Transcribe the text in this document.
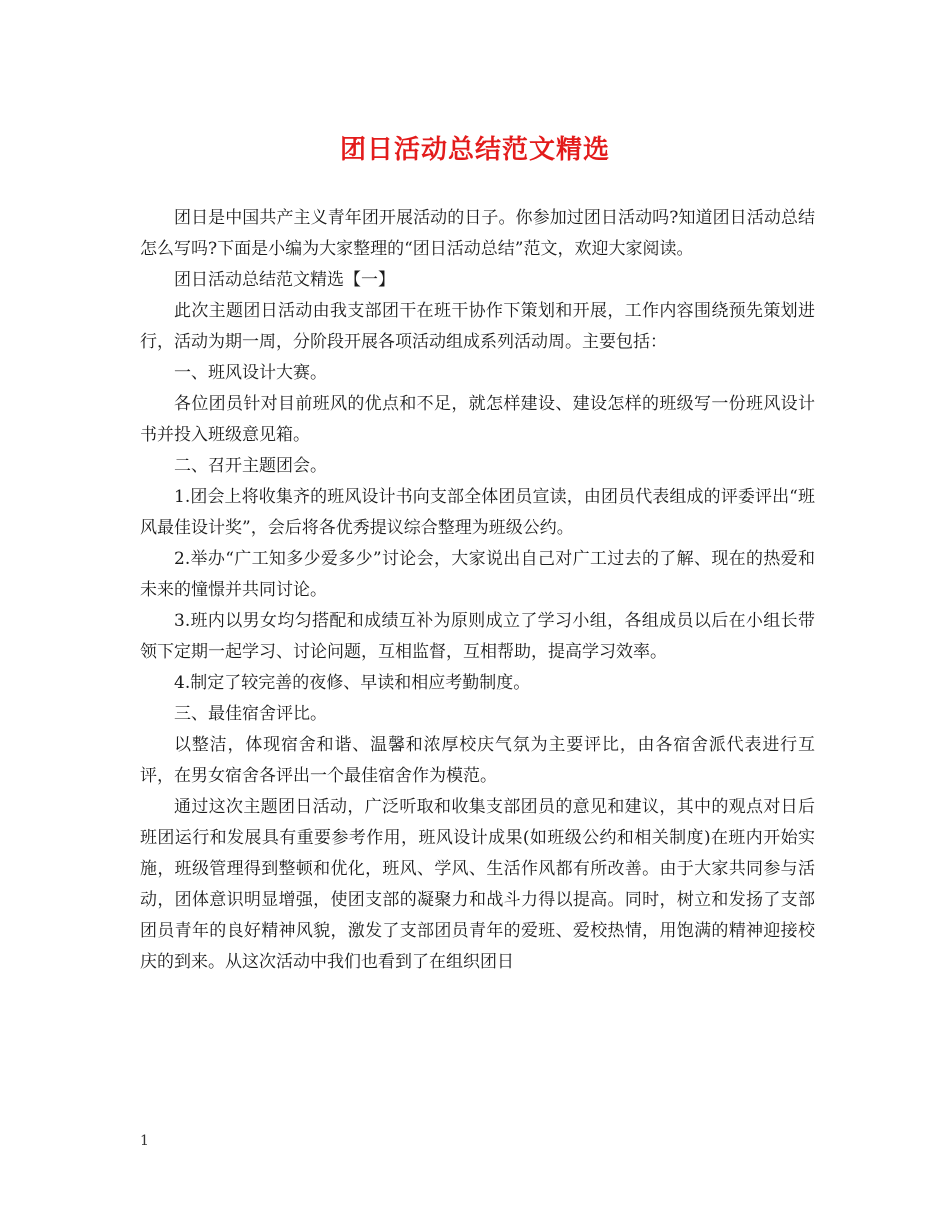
团日活动总结范文精选

团日是中国共产主义青年团开展活动的日子。你参加过团日活动吗?知道团日活动总结怎么写吗?下面是小编为大家整理的“团日活动总结”范文，欢迎大家阅读。

团日活动总结范文精选【一】

此次主题团日活动由我支部团干在班干协作下策划和开展，工作内容围绕预先策划进行，活动为期一周，分阶段开展各项活动组成系列活动周。主要包括：

一、班风设计大赛。

各位团员针对目前班风的优点和不足，就怎样建设、建设怎样的班级写一份班风设计书并投入班级意见箱。

二、召开主题团会。

1.团会上将收集齐的班风设计书向支部全体团员宣读，由团员代表组成的评委评出“班风最佳设计奖”，会后将各优秀提议综合整理为班级公约。

2.举办“广工知多少爱多少”讨论会，大家说出自己对广工过去的了解、现在的热爱和未来的憧憬并共同讨论。

3.班内以男女均匀搭配和成绩互补为原则成立了学习小组，各组成员以后在小组长带领下定期一起学习、讨论问题，互相监督，互相帮助，提高学习效率。

4.制定了较完善的夜修、早读和相应考勤制度。

三、最佳宿舍评比。

以整洁，体现宿舍和谐、温馨和浓厚校庆气氛为主要评比，由各宿舍派代表进行互评，在男女宿舍各评出一个最佳宿舍作为模范。

通过这次主题团日活动，广泛听取和收集支部团员的意见和建议，其中的观点对日后班团运行和发展具有重要参考作用，班风设计成果(如班级公约和相关制度)在班内开始实施，班级管理得到整顿和优化，班风、学风、生活作风都有所改善。由于大家共同参与活动，团体意识明显增强，使团支部的凝聚力和战斗力得以提高。同时，树立和发扬了支部团员青年的良好精神风貌，激发了支部团员青年的爱班、爱校热情，用饱满的精神迎接校庆的到来。从这次活动中我们也看到了在组织团日

1
